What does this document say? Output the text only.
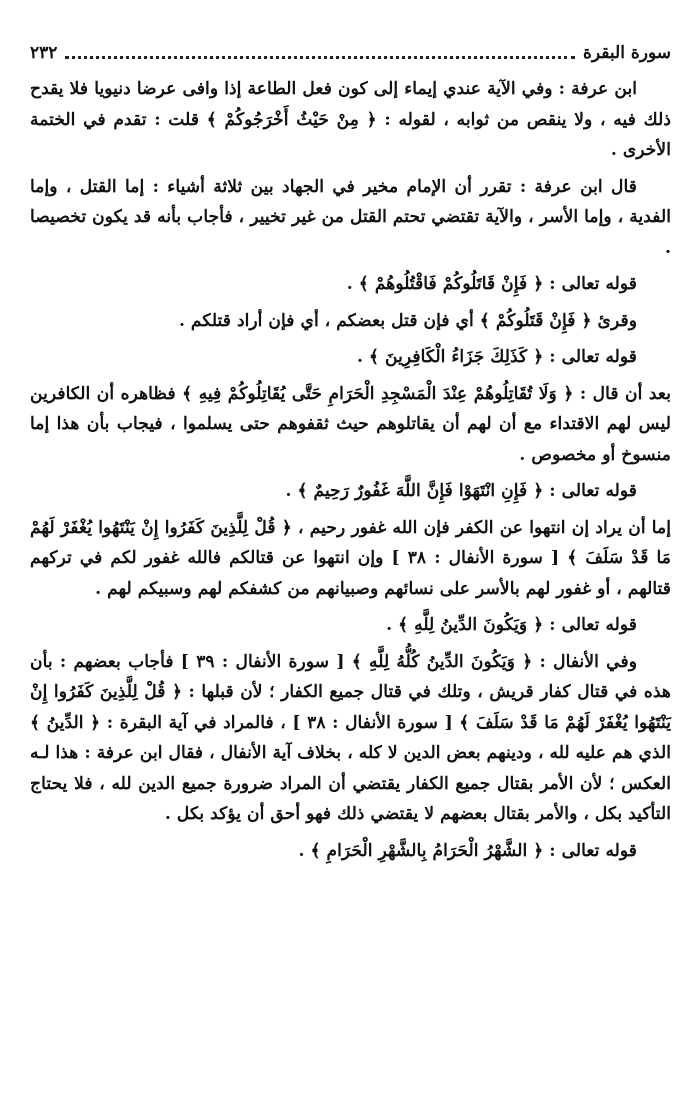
سورة البقرة
٢٣٢

ابن عرفة : وفي الآية عندي إيماء إلى كون فعل الطاعة إذا وافى عرضا دنيويا فلا يقدح ذلك فيه ، ولا ينقص من ثوابه ، لقوله : ﴿ مِنْ حَيْثُ أَخْرَجُوكُمْ ﴾ قلت : تقدم في الختمة الأخرى .

قال ابن عرفة : تقرر أن الإمام مخير في الجهاد بين ثلاثة أشياء : إما القتل ، وإما الفدية ، وإما الأسر ، والآية تقتضي تحتم القتل من غير تخيير ، فأجاب بأنه قد يكون تخصيصا .

قوله تعالى : ﴿ فَإِنْ قَاتَلُوكُمْ فَاقْتُلُوهُمْ ﴾ .

وقرئ ﴿ فَإِنْ قَتَلُوكُمْ ﴾ أي فإن قتل بعضكم ، أي فإن أراد قتلكم .

قوله تعالى : ﴿ كَذَلِكَ جَزَاءُ الْكَافِرِينَ ﴾ .

بعد أن قال : ﴿ وَلَا تُقَاتِلُوهُمْ عِنْدَ الْمَسْجِدِ الْحَرَامِ حَتَّى يُقَاتِلُوكُمْ فِيهِ ﴾ فظاهره أن الكافرين ليس لهم الاقتداء مع أن لهم أن يقاتلوهم حيث ثقفوهم حتى يسلموا ، فيجاب بأن هذا إما منسوخ أو مخصوص .

قوله تعالى : ﴿ فَإِنِ انْتَهَوْا فَإِنَّ اللَّهَ غَفُورٌ رَحِيمٌ ﴾ .

إما أن يراد إن انتهوا عن الكفر فإن الله غفور رحيم ، ﴿ قُلْ لِلَّذِينَ كَفَرُوا إِنْ يَنْتَهُوا يُغْفَرْ لَهُمْ مَا قَدْ سَلَفَ ﴾ [ سورة الأنفال : ٣٨ ] وإن انتهوا عن قتالكم فالله غفور لكم في تركهم قتالهم ، أو غفور لهم بالأسر على نسائهم وصبيانهم من كشفكم لهم وسبيكم لهم .

قوله تعالى : ﴿ وَيَكُونَ الدِّينُ لِلَّهِ ﴾ .

وفي الأنفال : ﴿ وَيَكُونَ الدِّينُ كُلُّهُ لِلَّهِ ﴾ [ سورة الأنفال : ٣٩ ] فأجاب بعضهم : بأن هذه في قتال كفار قريش ، وتلك في قتال جميع الكفار ؛ لأن قبلها : ﴿ قُلْ لِلَّذِينَ كَفَرُوا إِنْ يَنْتَهُوا يُغْفَرْ لَهُمْ مَا قَدْ سَلَفَ ﴾ [ سورة الأنفال : ٣٨ ] ، فالمراد في آية البقرة : ﴿ الدِّينُ ﴾ الذي هم عليه لله ، ودينهم بعض الدين لا كله ، بخلاف آية الأنفال ، فقال ابن عرفة : هذا لـه العكس ؛ لأن الأمر بقتال جميع الكفار يقتضي أن المراد ضرورة جميع الدين لله ، فلا يحتاج التأكيد بكل ، والأمر بقتال بعضهم لا يقتضي ذلك فهو أحق أن يؤكد بكل .

قوله تعالى : ﴿ الشَّهْرُ الْحَرَامُ بِالشَّهْرِ الْحَرَامِ ﴾ .
